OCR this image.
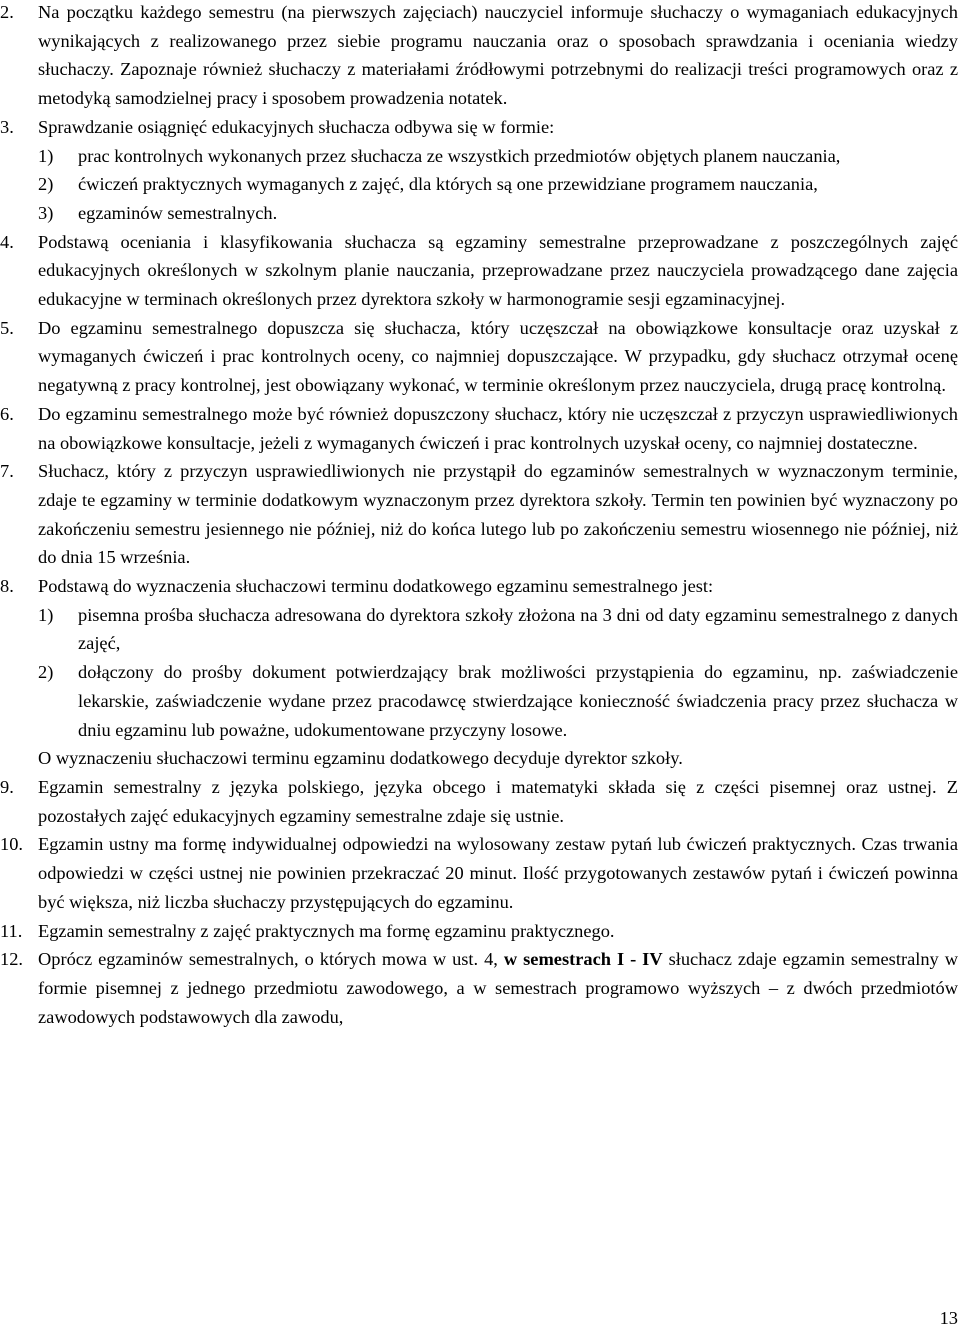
2.	Na początku każdego semestru (na pierwszych zajęciach) nauczyciel informuje słuchaczy o wymaganiach edukacyjnych wynikających z realizowanego przez siebie programu nauczania oraz o sposobach sprawdzania i oceniania wiedzy słuchaczy. Zapoznaje również słuchaczy z materiałami źródłowymi potrzebnymi do realizacji treści programowych oraz z metodyką samodzielnej pracy i sposobem prowadzenia notatek.
3.	Sprawdzanie osiągnięć edukacyjnych słuchacza odbywa się w formie:
1)	prac kontrolnych wykonanych przez słuchacza ze wszystkich przedmiotów objętych planem nauczania,
2)	ćwiczeń praktycznych wymaganych z zajęć, dla których są one przewidziane programem nauczania,
3)	egzaminów semestralnych.
4.	Podstawą oceniania i klasyfikowania słuchacza są egzaminy semestralne przeprowadzane z poszczególnych zajęć edukacyjnych określonych w szkolnym planie nauczania, przeprowadzane przez nauczyciela prowadzącego dane zajęcia edukacyjne w terminach określonych przez dyrektora szkoły w harmonogramie sesji egzaminacyjnej.
5.	Do egzaminu semestralnego dopuszcza się słuchacza, który uczęszczał na obowiązkowe konsultacje oraz uzyskał z wymaganych ćwiczeń i prac kontrolnych oceny, co najmniej dopuszczające. W przypadku, gdy słuchacz otrzymał ocenę negatywną z pracy kontrolnej, jest obowiązany wykonać, w terminie określonym przez nauczyciela, drugą pracę kontrolną.
6.	Do egzaminu semestralnego może być również dopuszczony słuchacz, który nie uczęszczał z przyczyn usprawiedliwionych na obowiązkowe konsultacje, jeżeli z wymaganych ćwiczeń i prac kontrolnych uzyskał oceny, co najmniej dostateczne.
7.	Słuchacz, który z przyczyn usprawiedliwionych nie przystąpił do egzaminów semestralnych w wyznaczonym terminie, zdaje te egzaminy w terminie dodatkowym wyznaczonym przez dyrektora szkoły. Termin ten powinien być wyznaczony po zakończeniu semestru jesiennego nie później, niż do końca lutego lub po zakończeniu semestru wiosennego nie później, niż do dnia 15 września.
8.	Podstawą do wyznaczenia słuchaczowi terminu dodatkowego egzaminu semestralnego jest:
1)	pisemna prośba słuchacza adresowana do dyrektora szkoły złożona na 3 dni od daty egzaminu semestralnego z danych zajęć,
2)	dołączony do prośby dokument potwierdzający brak możliwości przystąpienia do egzaminu, np. zaświadczenie lekarskie, zaświadczenie wydane przez pracodawcę stwierdzające konieczność świadczenia pracy przez słuchacza w dniu egzaminu lub poważne, udokumentowane przyczyny losowe.
O wyznaczeniu słuchaczowi terminu egzaminu dodatkowego decyduje dyrektor szkoły.
9.	Egzamin semestralny z języka polskiego, języka obcego i matematyki składa się z części pisemnej oraz ustnej. Z pozostałych zajęć edukacyjnych egzaminy semestralne zdaje się ustnie.
10. Egzamin ustny ma formę indywidualnej odpowiedzi na wylosowany zestaw pytań lub ćwiczeń praktycznych. Czas trwania odpowiedzi w części ustnej nie powinien przekraczać 20 minut. Ilość przygotowanych zestawów pytań i ćwiczeń powinna być większa, niż liczba słuchaczy przystępujących do egzaminu.
11. Egzamin semestralny z zajęć praktycznych ma formę egzaminu praktycznego.
12. Oprócz egzaminów semestralnych, o których mowa w ust. 4, w semestrach I - IV słuchacz zdaje egzamin semestralny w formie pisemnej z jednego przedmiotu zawodowego, a w semestrach programowo wyższych – z dwóch przedmiotów zawodowych podstawowych dla zawodu,
13
